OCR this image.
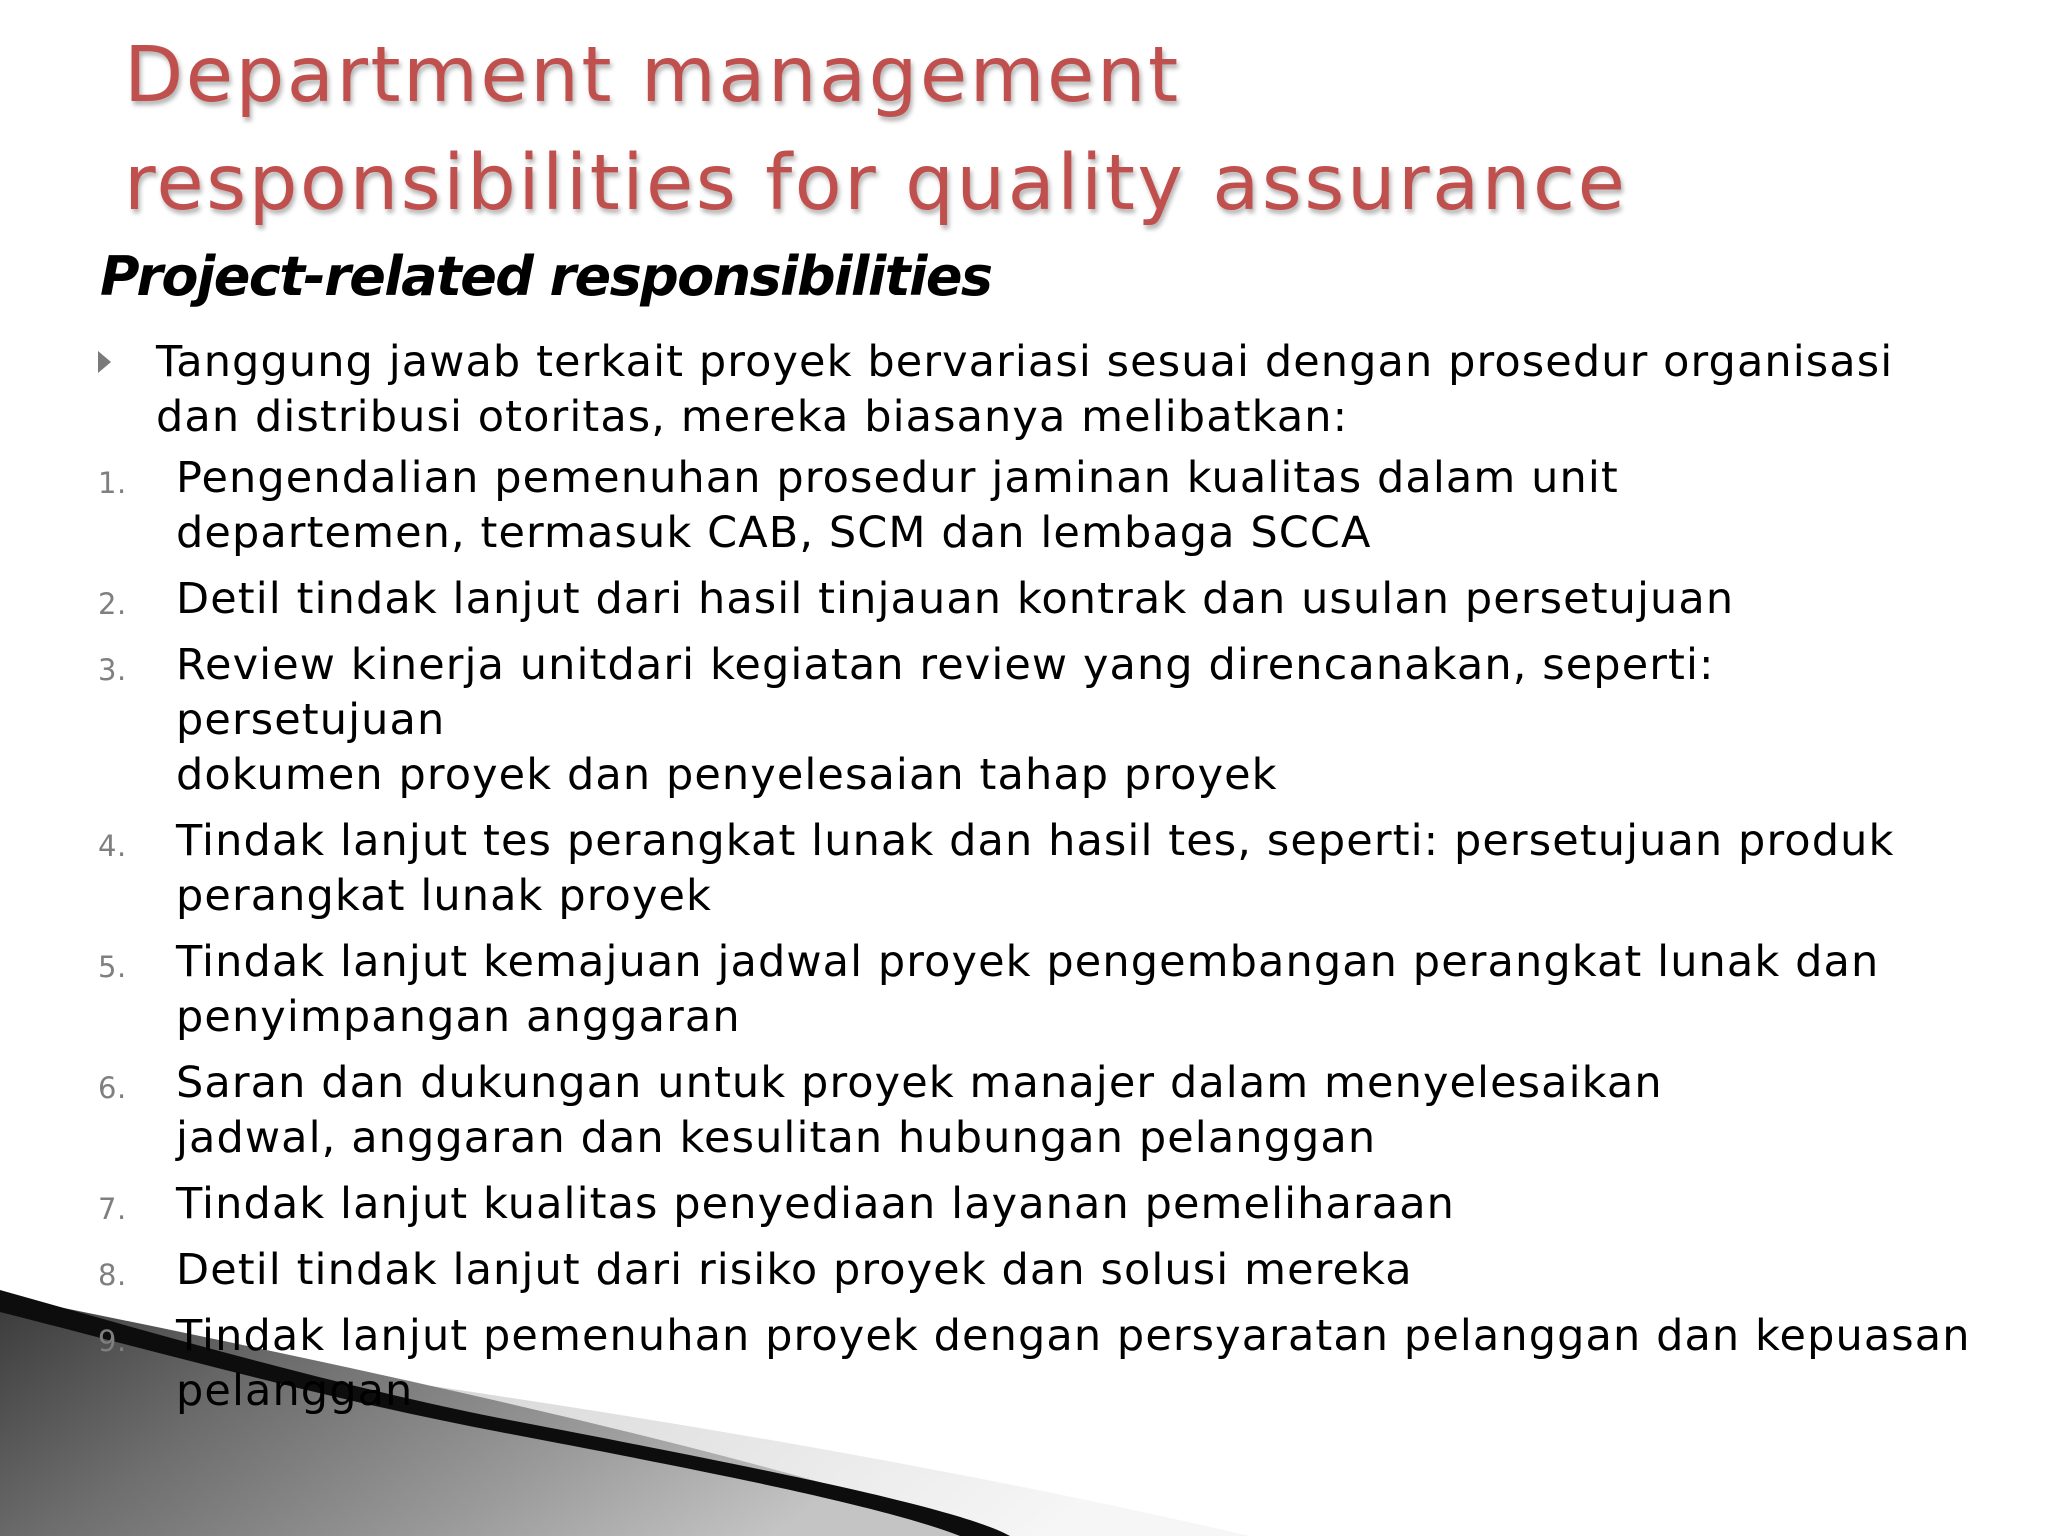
Department management
responsibilities for quality assurance
Project-related responsibilities
Tanggung jawab terkait proyek bervariasi sesuai dengan prosedur organisasi
dan distribusi otoritas, mereka biasanya melibatkan:
1. Pengendalian pemenuhan prosedur jaminan kualitas dalam unit
departemen, termasuk CAB, SCM dan lembaga SCCA
2. Detil tindak lanjut dari hasil tinjauan kontrak dan usulan persetujuan
3. Review kinerja unitdari kegiatan review yang direncanakan, seperti: persetujuan
dokumen proyek dan penyelesaian tahap proyek
4. Tindak lanjut tes perangkat lunak dan hasil tes, seperti: persetujuan produk
perangkat lunak proyek
5. Tindak lanjut kemajuan jadwal proyek pengembangan perangkat lunak dan
penyimpangan anggaran
6. Saran dan dukungan untuk proyek manajer dalam menyelesaikan
jadwal, anggaran dan kesulitan hubungan pelanggan
7. Tindak lanjut kualitas penyediaan layanan pemeliharaan
8. Detil tindak lanjut dari risiko proyek dan solusi mereka
9. Tindak lanjut pemenuhan proyek dengan persyaratan pelanggan dan kepuasan
pelanggan
